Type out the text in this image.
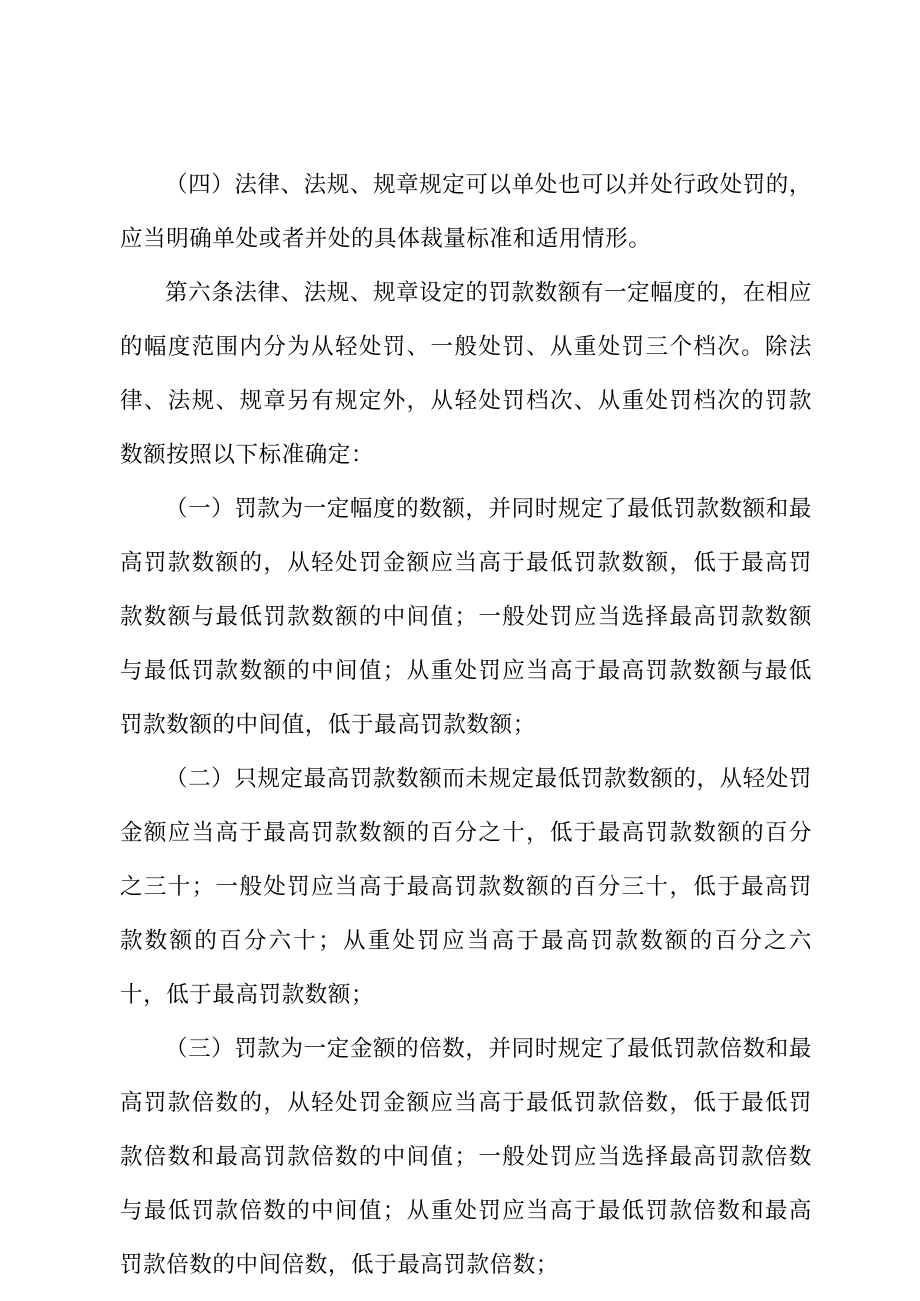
（四）法律、法规、规章规定可以单处也可以并处行政处罚的，应当明确单处或者并处的具体裁量标准和适用情形。

第六条法律、法规、规章设定的罚款数额有一定幅度的，在相应的幅度范围内分为从轻处罚、一般处罚、从重处罚三个档次。除法律、法规、规章另有规定外，从轻处罚档次、从重处罚档次的罚款数额按照以下标准确定：

（一）罚款为一定幅度的数额，并同时规定了最低罚款数额和最高罚款数额的，从轻处罚金额应当高于最低罚款数额，低于最高罚款数额与最低罚款数额的中间值；一般处罚应当选择最高罚款数额与最低罚款数额的中间值；从重处罚应当高于最高罚款数额与最低罚款数额的中间值，低于最高罚款数额；

（二）只规定最高罚款数额而未规定最低罚款数额的，从轻处罚金额应当高于最高罚款数额的百分之十，低于最高罚款数额的百分之三十；一般处罚应当高于最高罚款数额的百分三十，低于最高罚款数额的百分六十；从重处罚应当高于最高罚款数额的百分之六十，低于最高罚款数额；

（三）罚款为一定金额的倍数，并同时规定了最低罚款倍数和最高罚款倍数的，从轻处罚金额应当高于最低罚款倍数，低于最低罚款倍数和最高罚款倍数的中间值；一般处罚应当选择最高罚款倍数与最低罚款倍数的中间值；从重处罚应当高于最低罚款倍数和最高罚款倍数的中间倍数，低于最高罚款倍数；
